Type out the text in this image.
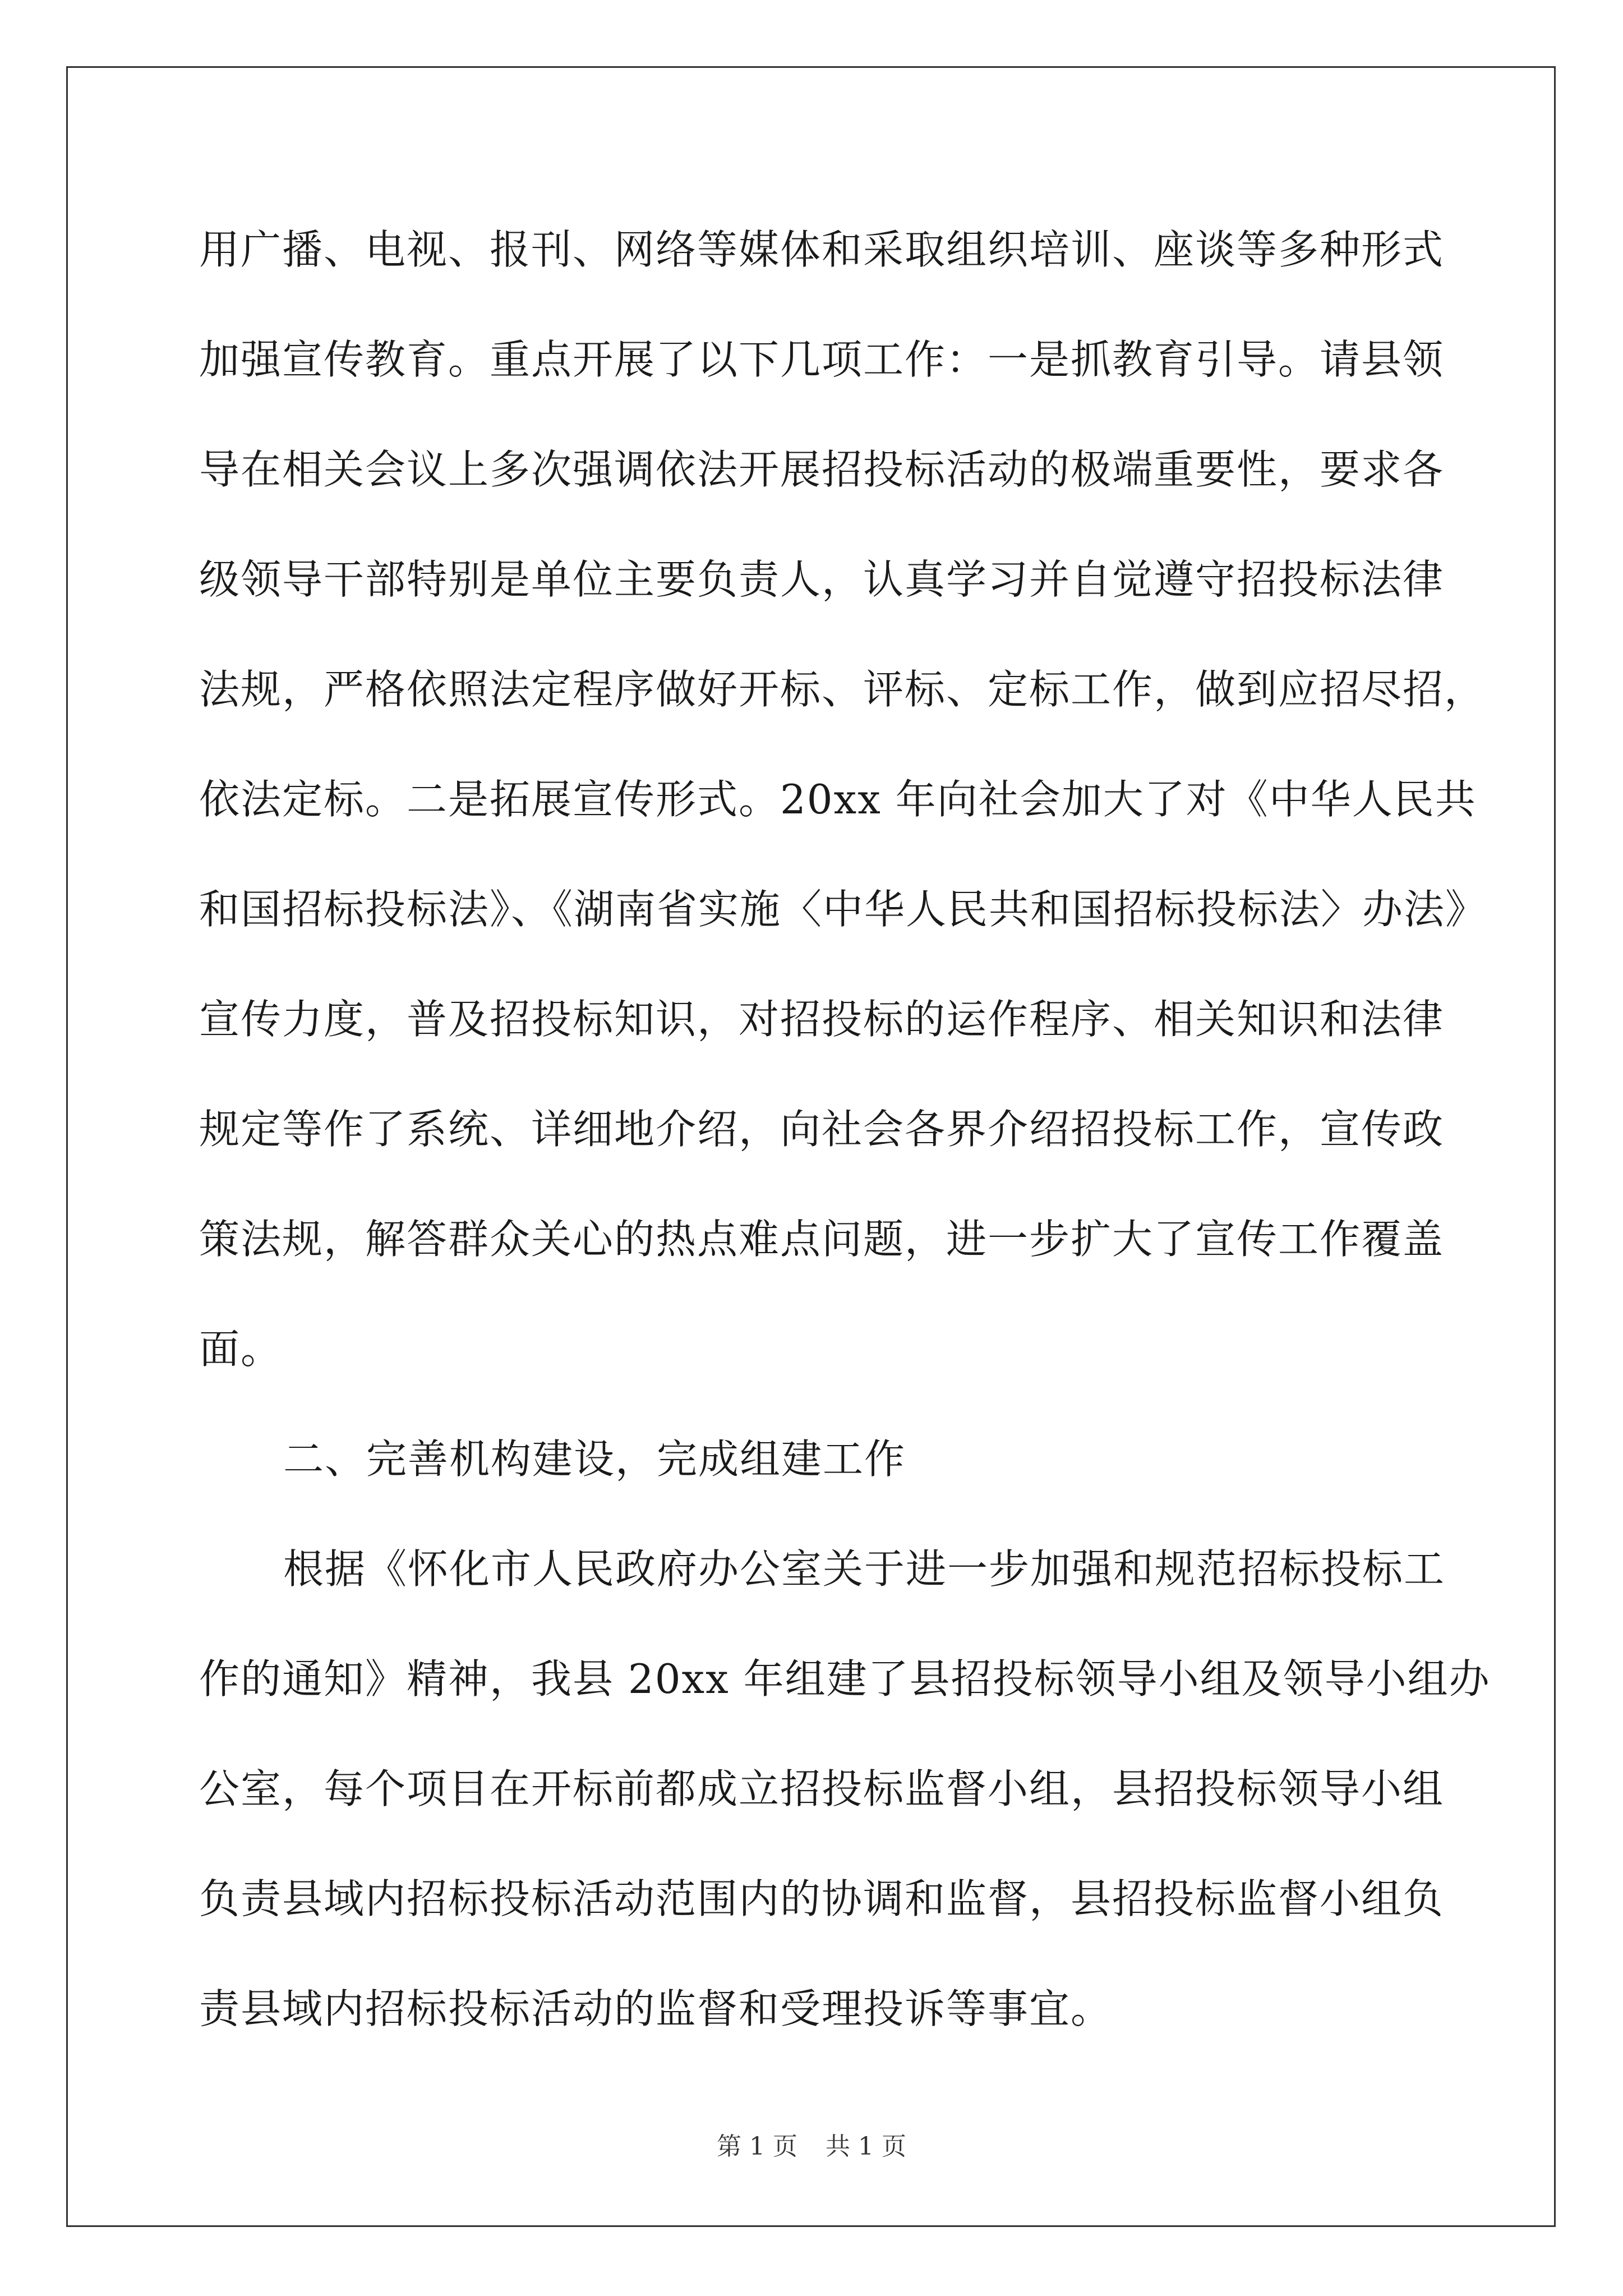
用广播、电视、报刊、网络等媒体和采取组织培训、座谈等多种形式
加强宣传教育。重点开展了以下几项工作：一是抓教育引导。请县领
导在相关会议上多次强调依法开展招投标活动的极端重要性，要求各
级领导干部特别是单位主要负责人，认真学习并自觉遵守招投标法律
法规，严格依照法定程序做好开标、评标、定标工作，做到应招尽招，
依法定标。二是拓展宣传形式。20xx 年向社会加大了对《中华人民共
和国招标投标法》、《湖南省实施〈中华人民共和国招标投标法〉办法》
宣传力度，普及招投标知识，对招投标的运作程序、相关知识和法律
规定等作了系统、详细地介绍，向社会各界介绍招投标工作，宣传政
策法规，解答群众关心的热点难点问题，进一步扩大了宣传工作覆盖
面。
二、完善机构建设，完成组建工作
根据《怀化市人民政府办公室关于进一步加强和规范招标投标工
作的通知》精神，我县 20xx 年组建了县招投标领导小组及领导小组办
公室，每个项目在开标前都成立招投标监督小组，县招投标领导小组
负责县域内招标投标活动范围内的协调和监督，县招投标监督小组负
责县域内招标投标活动的监督和受理投诉等事宜。
第 1 页 共 1 页
